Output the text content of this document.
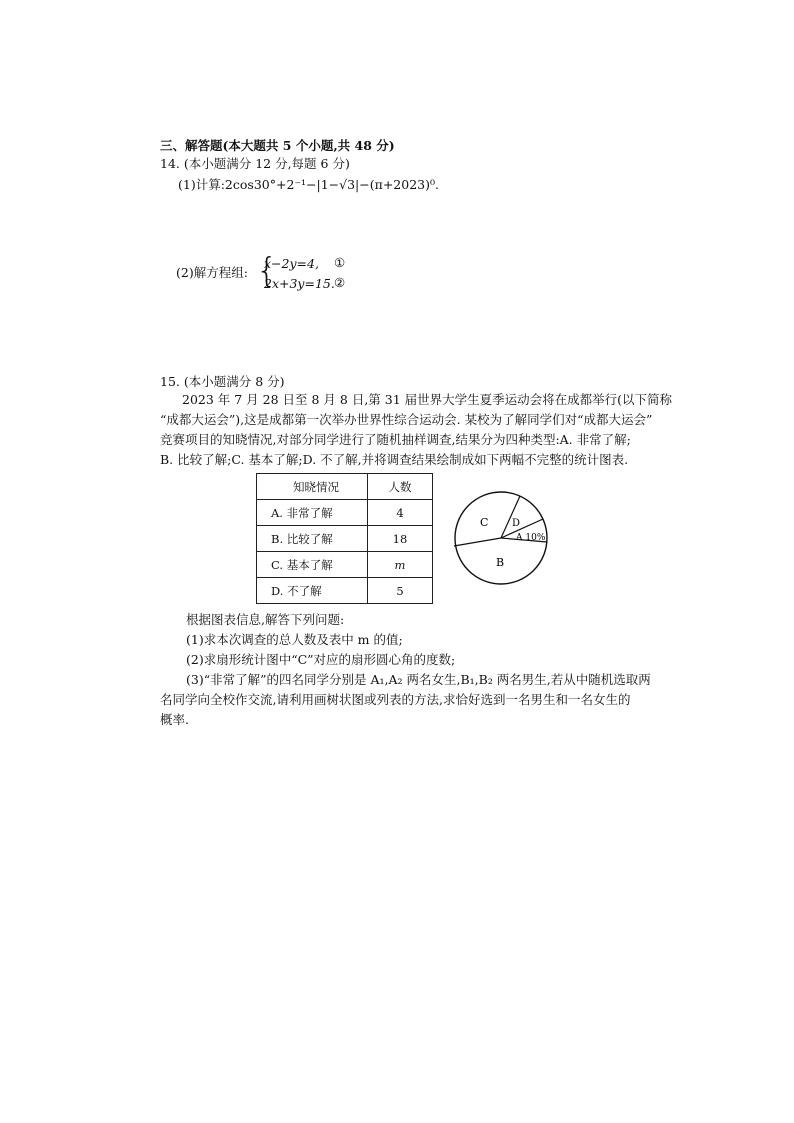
三、解答题(本大题共 5 个小题,共 48 分)
14. (本小题满分 12 分,每题 6 分)
(1)计算:2cos30°+2⁻¹−|1−√3|−(π+2023)⁰.
(2)解方程组: {
x−2y=4, ①
2x+3y=15. ②
15. (本小题满分 8 分)
2023 年 7 月 28 日至 8 月 8 日,第 31 届世界大学生夏季运动会将在成都举行(以下简称
“成都大运会”),这是成都第一次举办世界性综合运动会. 某校为了解同学们对“成都大运会”
竞赛项目的知晓情况,对部分同学进行了随机抽样调查,结果分为四种类型:A. 非常了解;
B. 比较了解;C. 基本了解;D. 不了解,并将调查结果绘制成如下两幅不完整的统计图表.
知晓情况	人数
A. 非常了解	4
B. 比较了解	18
C. 基本了解	m
D. 不了解	5
C D
A 10%
B
根据图表信息,解答下列问题:
(1)求本次调查的总人数及表中 m 的值;
(2)求扇形统计图中“C”对应的扇形圆心角的度数;
(3)“非常了解”的四名同学分别是 A₁,A₂ 两名女生,B₁,B₂ 两名男生,若从中随机选取两
名同学向全校作交流,请利用画树状图或列表的方法,求恰好选到一名男生和一名女生的
概率.
